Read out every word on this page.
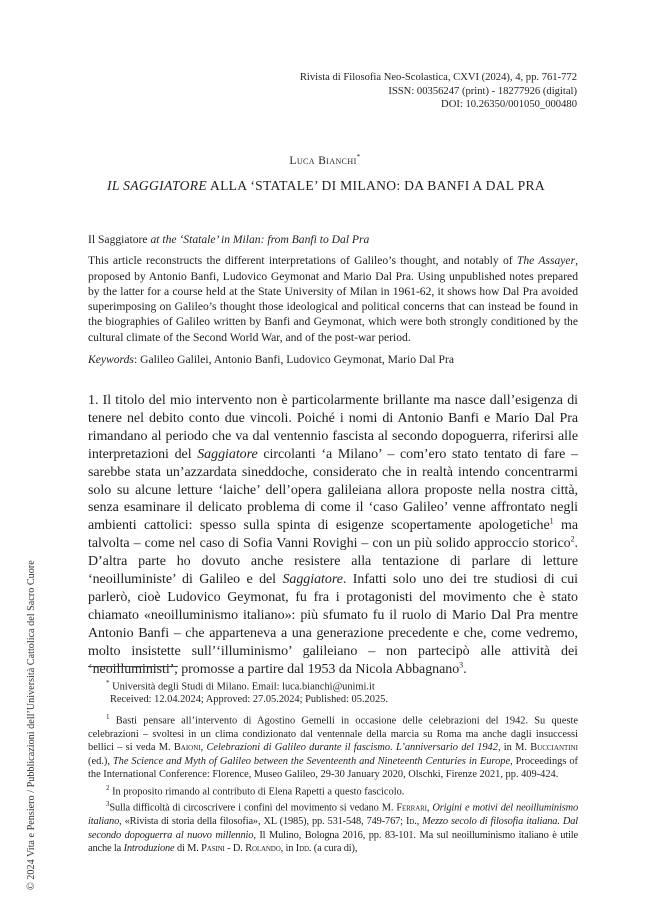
Rivista di Filosofia Neo-Scolastica, CXVI (2024), 4, pp. 761-772
ISSN: 00356247 (print) - 18277926 (digital)
DOI: 10.26350/001050_000480
Luca Bianchi*
IL SAGGIATORE ALLA ‘STATALE’ DI MILANO: DA BANFI A DAL PRA
Il Saggiatore at the ‘Statale’ in Milan: from Banfi to Dal Pra
This article reconstructs the different interpretations of Galileo’s thought, and notably of The Assayer, proposed by Antonio Banfi, Ludovico Geymonat and Mario Dal Pra. Using unpublished notes prepared by the latter for a course held at the State University of Milan in 1961-62, it shows how Dal Pra avoided superimposing on Galileo’s thought those ideological and political concerns that can instead be found in the biographies of Galileo written by Banfi and Geymonat, which were both strongly conditioned by the cultural climate of the Second World War, and of the post-war period.
Keywords: Galileo Galilei, Antonio Banfi, Ludovico Geymonat, Mario Dal Pra
1. Il titolo del mio intervento non è particolarmente brillante ma nasce dall’esigenza di tenere nel debito conto due vincoli. Poiché i nomi di Antonio Banfi e Mario Dal Pra rimandano al periodo che va dal ventennio fascista al secondo dopoguerra, riferirsi alle interpretazioni del Saggiatore circolanti ‘a Milano’ – com’ero stato tentato di fare – sarebbe stata un’azzardata sineddoche, considerato che in realtà intendo concentrarmi solo su alcune letture ‘laiche’ dell’opera galileiana allora proposte nella nostra città, senza esaminare il delicato problema di come il ‘caso Galileo’ venne affrontato negli ambienti cattolici: spesso sulla spinta di esigenze scopertamente apologetiche$^1$ ma talvolta – come nel caso di Sofia Vanni Rovighi – con un più solido approccio storico$^2$. D’altra parte ho dovuto anche resistere alla tentazione di parlare di letture ‘neoilluministe’ di Galileo e del Saggiatore. Infatti solo uno dei tre studiosi di cui parlerò, cioè Ludovico Geymonat, fu fra i protagonisti del movimento che è stato chiamato «neoilluminismo italiano»: più sfumato fu il ruolo di Mario Dal Pra mentre Antonio Banfi – che apparteneva a una generazione precedente e che, come vedremo, molto insistette sull’‘illuminismo’ galileiano – non partecipò alle attività dei ‘neoilluministi’, promosse a partire dal 1953 da Nicola Abbagnano$^3$.
* Università degli Studi di Milano. Email: luca.bianchi@unimi.it
Received: 12.04.2024; Approved: 27.05.2024; Published: 05.2025.

$^1$ Basti pensare all’intervento di Agostino Gemelli in occasione delle celebrazioni del 1942. Su queste celebrazioni – svoltesi in un clima condizionato dal ventennale della marcia su Roma ma anche dagli insuccessi bellici – si veda M. Baioni, Celebrazioni di Galileo durante il fascismo. L’anniversario del 1942, in M. Bucciantini (ed.), The Science and Myth of Galileo between the Seventeenth and Nineteenth Centuries in Europe, Proceedings of the International Conference: Florence, Museo Galileo, 29-30 January 2020, Olschki, Firenze 2021, pp. 409-424.

$^2$ In proposito rimando al contributo di Elena Rapetti a questo fascicolo.

$^3$Sulla difficoltà di circoscrivere i confini del movimento si vedano M. Ferrari, Origini e motivi del neoilluminismo italiano, «Rivista di storia della filosofia», XL (1985), pp. 531-548, 749-767; Id., Mezzo secolo di filosofia italiana. Dal secondo dopoguerra al nuovo millennio, Il Mulino, Bologna 2016, pp. 83-101. Ma sul neoilluminismo italiano è utile anche la Introduzione di M. Pasini - D. Rolando, in Idd. (a cura di),

© 2024 Vita e Pensiero / Pubblicazioni dell’Università Cattolica del Sacro Cuore
